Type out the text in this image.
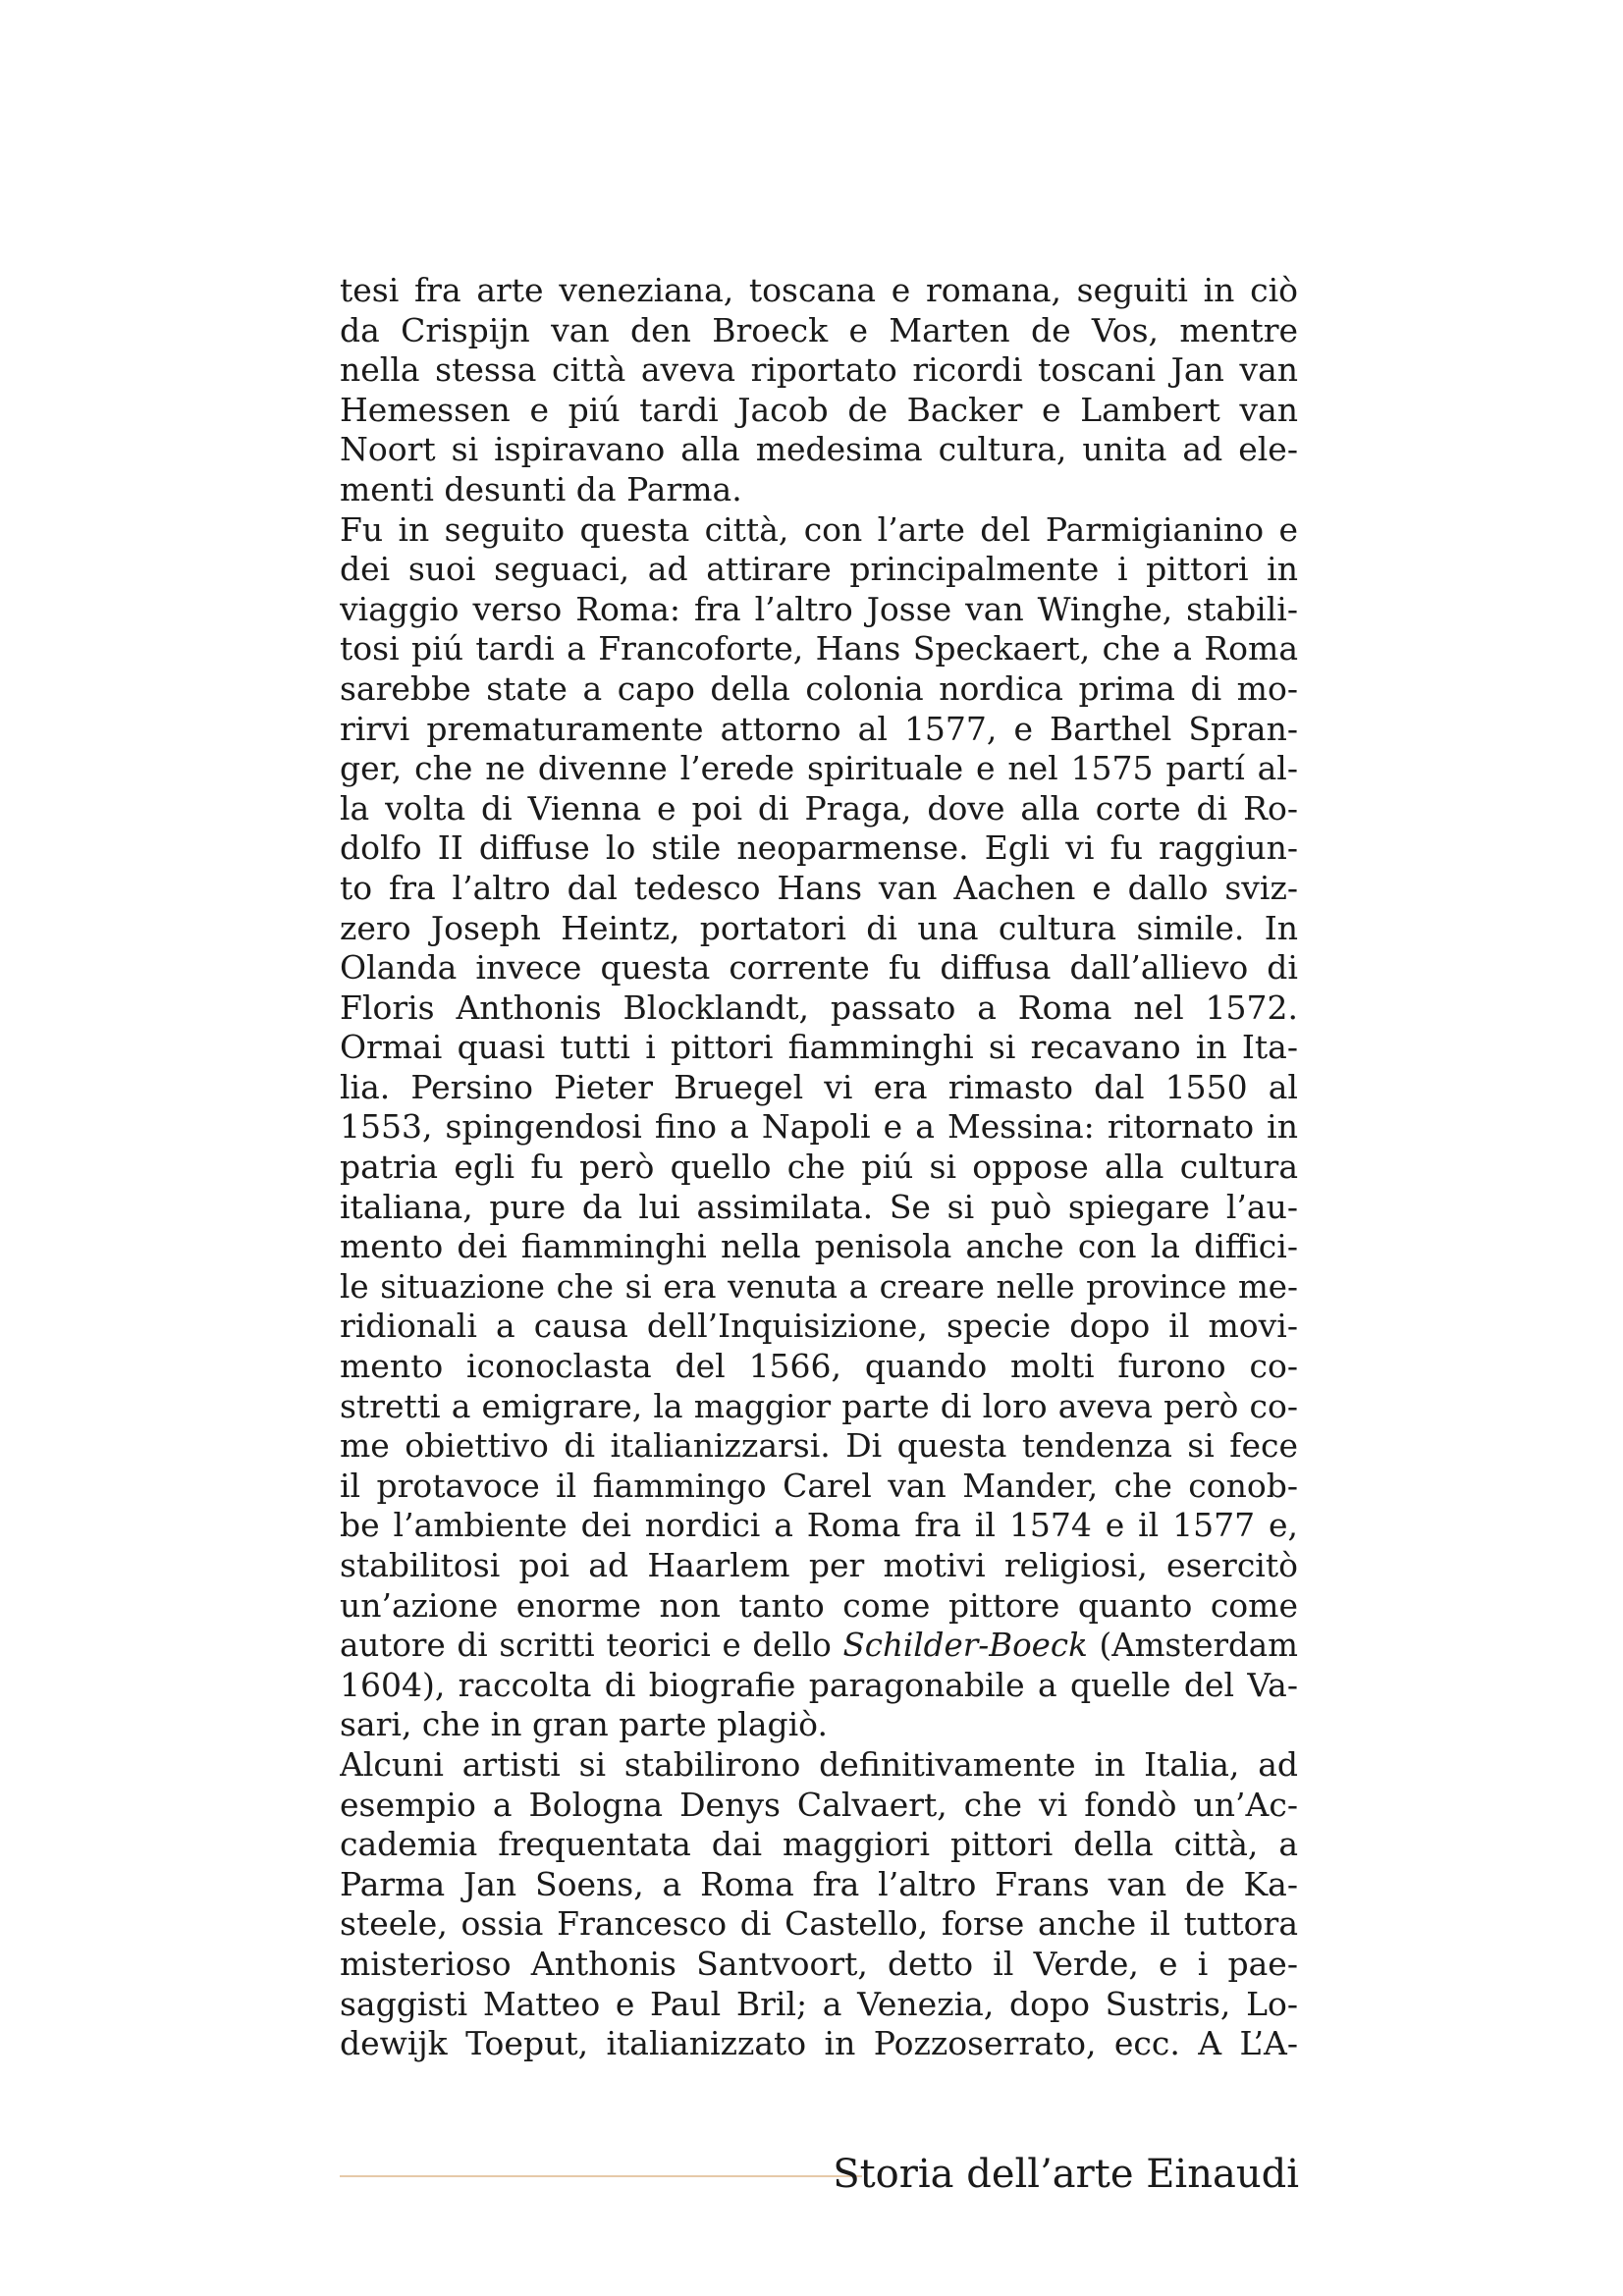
tesi fra arte veneziana, toscana e romana, seguiti in ciò
da Crispijn van den Broeck e Marten de Vos, mentre
nella stessa città aveva riportato ricordi toscani Jan van
Hemessen e piú tardi Jacob de Backer e Lambert van
Noort si ispiravano alla medesima cultura, unita ad ele-
menti desunti da Parma.
Fu in seguito questa città, con l’arte del Parmigianino e
dei suoi seguaci, ad attirare principalmente i pittori in
viaggio verso Roma: fra l’altro Josse van Winghe, stabili-
tosi piú tardi a Francoforte, Hans Speckaert, che a Roma
sarebbe state a capo della colonia nordica prima di mo-
rirvi prematuramente attorno al 1577, e Barthel Spran-
ger, che ne divenne l’erede spirituale e nel 1575 partí al-
la volta di Vienna e poi di Praga, dove alla corte di Ro-
dolfo II diffuse lo stile neoparmense. Egli vi fu raggiun-
to fra l’altro dal tedesco Hans van Aachen e dallo sviz-
zero Joseph Heintz, portatori di una cultura simile. In
Olanda invece questa corrente fu diffusa dall’allievo di
Floris Anthonis Blocklandt, passato a Roma nel 1572.
Ormai quasi tutti i pittori fiamminghi si recavano in Ita-
lia. Persino Pieter Bruegel vi era rimasto dal 1550 al
1553, spingendosi fino a Napoli e a Messina: ritornato in
patria egli fu però quello che piú si oppose alla cultura
italiana, pure da lui assimilata. Se si può spiegare l’au-
mento dei fiamminghi nella penisola anche con la diffici-
le situazione che si era venuta a creare nelle province me-
ridionali a causa dell’Inquisizione, specie dopo il movi-
mento iconoclasta del 1566, quando molti furono co-
stretti a emigrare, la maggior parte di loro aveva però co-
me obiettivo di italianizzarsi. Di questa tendenza si fece
il protavoce il fiammingo Carel van Mander, che conob-
be l’ambiente dei nordici a Roma fra il 1574 e il 1577 e,
stabilitosi poi ad Haarlem per motivi religiosi, esercitò
un’azione enorme non tanto come pittore quanto come
autore di scritti teorici e dello Schilder-Boeck (Amsterdam
1604), raccolta di biografie paragonabile a quelle del Va-
sari, che in gran parte plagiò.
Alcuni artisti si stabilirono definitivamente in Italia, ad
esempio a Bologna Denys Calvaert, che vi fondò un’Ac-
cademia frequentata dai maggiori pittori della città, a
Parma Jan Soens, a Roma fra l’altro Frans van de Ka-
steele, ossia Francesco di Castello, forse anche il tuttora
misterioso Anthonis Santvoort, detto il Verde, e i pae-
saggisti Matteo e Paul Bril; a Venezia, dopo Sustris, Lo-
dewijk Toeput, italianizzato in Pozzoserrato, ecc. A L’A-
Storia dell’arte Einaudi
